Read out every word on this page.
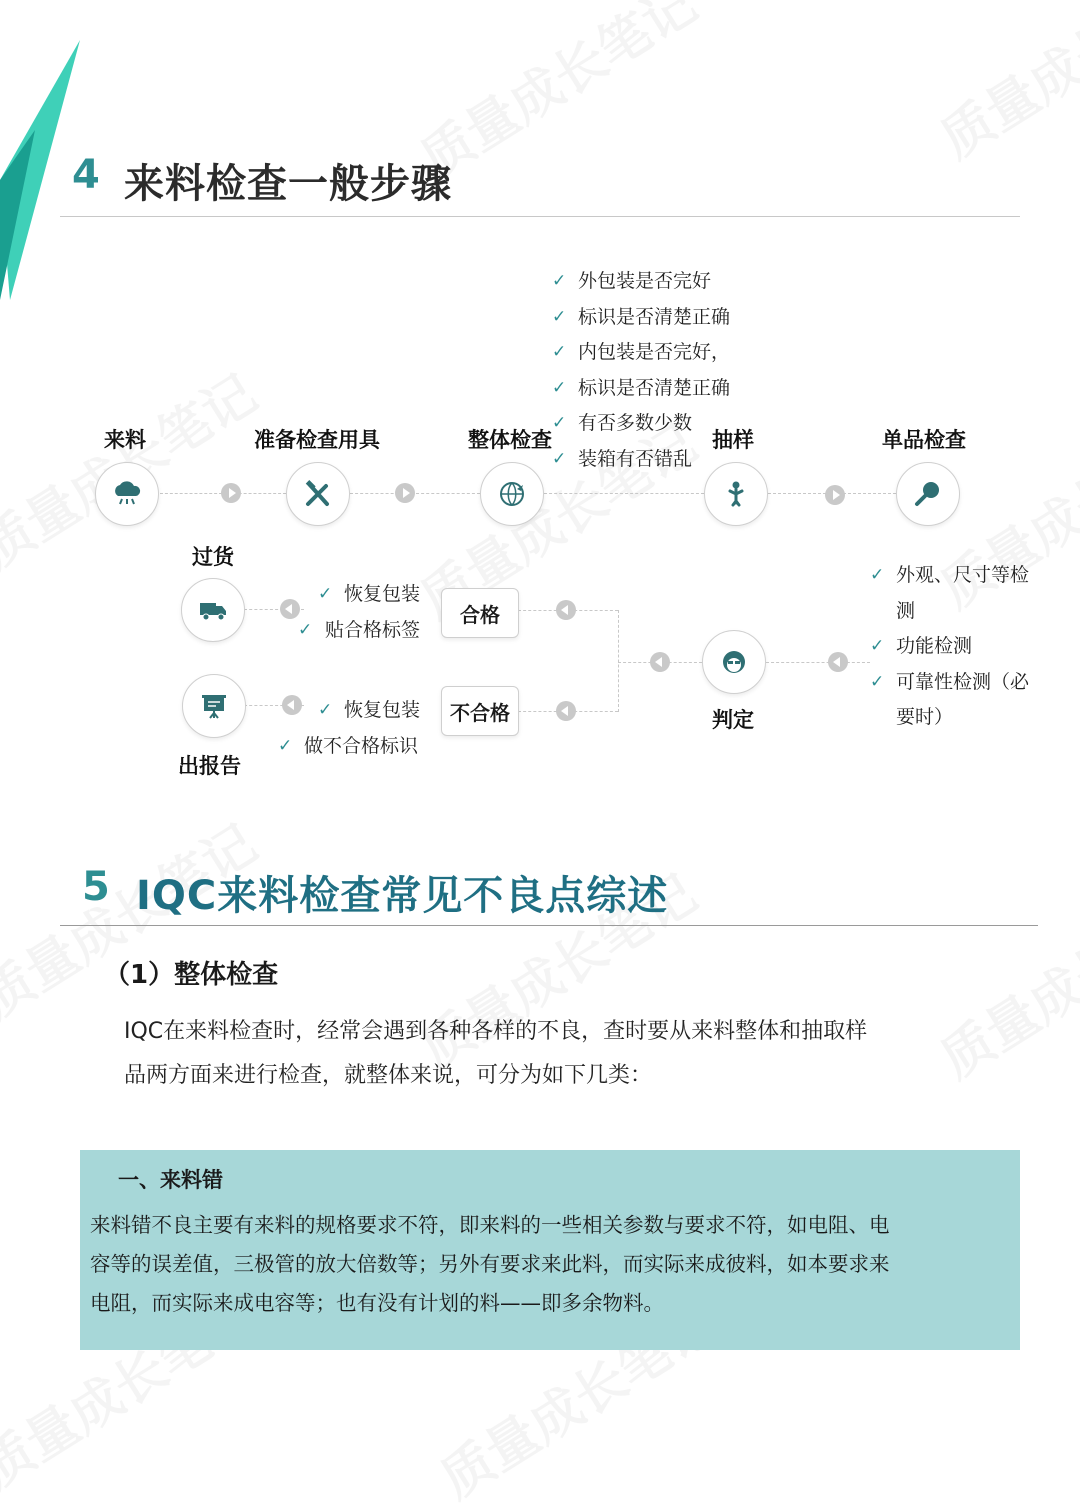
4 来料检查一般步骤
✓ 外包装是否完好
✓ 标识是否清楚正确
✓ 内包装是否完好，
✓ 标识是否清楚正确
✓ 有否多数少数
✓ 装箱有否错乱
来料	准备检查用具	整体检查	抽样	单品检查
✓ 外观、尺寸等检测
✓ 功能检测
✓ 可靠性检测（必要时）
判定
合格
不合格
✓ 恢复包装
✓ 贴合格标签
✓ 恢复包装
✓ 做不合格标识
过货
出报告
5 IQC来料检查常见不良点综述
（1）整体检查
IQC在来料检查时，经常会遇到各种各样的不良，查时要从来料整体和抽取样
品两方面来进行检查，就整体来说，可分为如下几类：
一、来料错
来料错不良主要有来料的规格要求不符，即来料的一些相关参数与要求不符，如电阻、电
容等的误差值，三极管的放大倍数等；另外有要求来此料，而实际来成彼料，如本要求来
电阻，而实际来成电容等；也有没有计划的料——即多余物料。
